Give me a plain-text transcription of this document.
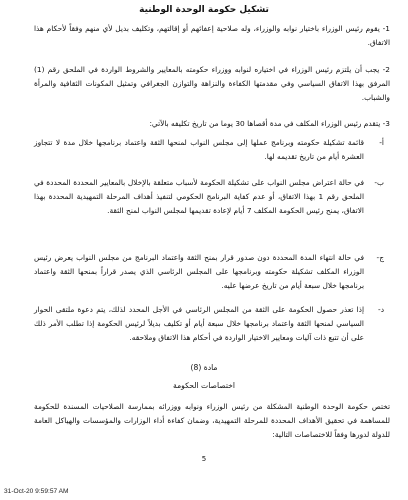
تشكيل حكومة الوحدة الوطنية
1- يقوم رئيس الوزراء باختيار نوابه والوزراء، وله صلاحية إعفائهم أو إقالتهم، وتكليف بديل لأي منهم وفقاً لأحكام هذا الاتفاق.
2- يجب أن يلتزم رئيس الوزراء في اختياره لنوابه ووزراء حكومته بالمعايير والشروط الواردة في الملحق رقم (1) المرفق بهذا الاتفاق السياسي وفي مقدمتها الكفاءة والنزاهة والتوازن الجغرافي وتمثيل المكونات الثقافية والمرأة والشباب.
3- يتقدم رئيس الوزراء المكلف في مدة أقصاها 30 يوما من تاريخ تكليفه بالآتي:
أ-
قائمة تشكيلة حكومته وبرنامج عملها إلى مجلس النواب لمنحها الثقة واعتماد برنامجها خلال مدة لا تتجاوز العشرة أيام من تاريخ تقديمه لها.
ب-
في حالة اعتراض مجلس النواب على تشكيلة الحكومة لأسباب متعلقة بالإخلال بالمعايير المحددة المحددة في الملحق رقم 1 بهذا الاتفاق، أو عدم كفاية البرنامج الحكومي لتنفيذ أهداف المرحلة التمهيدية المحددة بهذا الاتفاق، يمنح رئيس الحكومة المكلف 7 أيام لإعادة تقديمها لمجلس النواب لمنح الثقة.
ج-
في حالة انتهاء المدة المحددة دون صدور قرار بمنح الثقة واعتماد البرنامج من مجلس النواب يعرض رئيس الوزراء المكلف تشكيلة حكومته وبرنامجها على المجلس الرئاسي الذي يصدر قراراً بمنحها الثقة واعتماد برنامجها خلال سبعة أيام من تاريخ عرضها عليه.
د-
إذا تعذر حصول الحكومة على الثقة من المجلس الرئاسي في الأجل المحدد لذلك، يتم دعوة ملتقى الحوار السياسي لمنحها الثقة واعتماد برنامجها خلال سبعة أيام أو تكليف بديلاً لرئيس الحكومة إذا تطلب الأمر ذلك على أن تتبع ذات آليات ومعايير الاختيار الواردة في أحكام هذا الاتفاق وملاحقه.
مادة (8)
اختصاصات الحكومة
تختص حكومة الوحدة الوطنية المشكلة من رئيس الوزراء ونوابه ووزرائه بممارسة الصلاحيات المسندة للحكومة للمساهمة في تحقيق الأهداف المحددة للمرحلة التمهيدية، وضمان كفاءة أداء الوزارات والمؤسسات والهياكل العامة للدولة لدورها وفقاً للاختصاصات التالية:
5
31-Oct-20 9:59:57 AM
